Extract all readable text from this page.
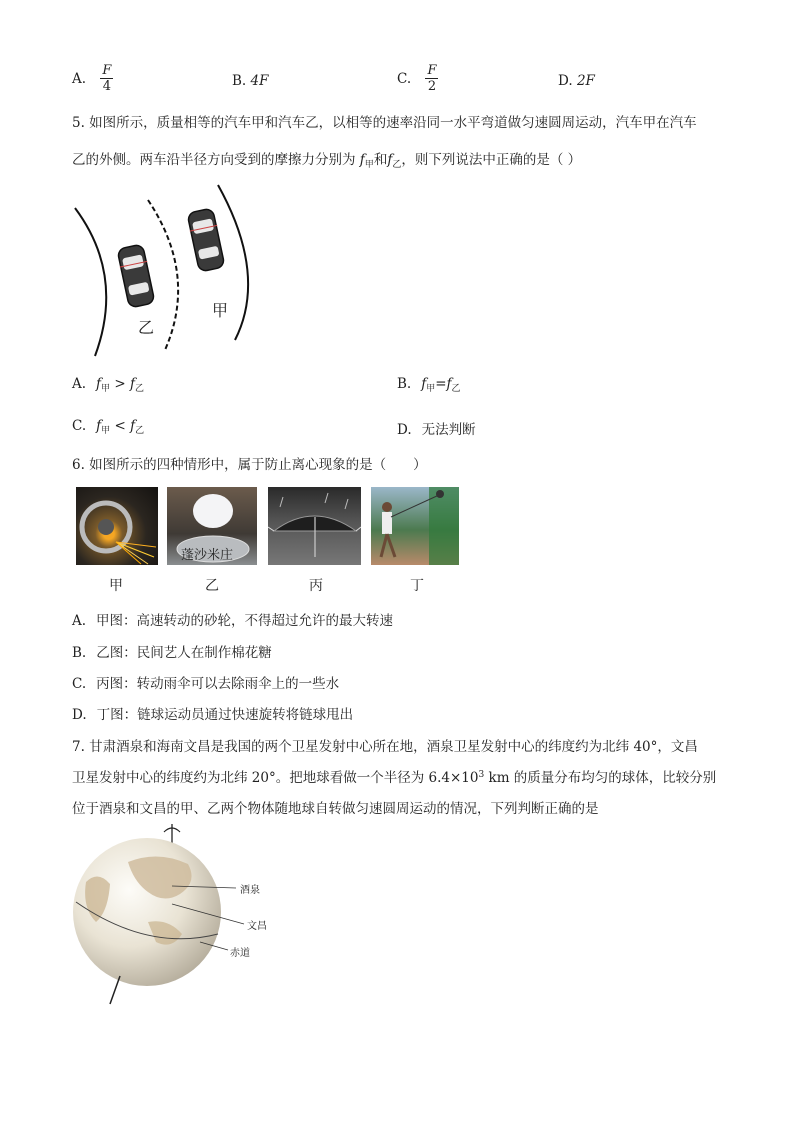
A. $\frac{F}{4}$	B. 4F	C. $\frac{F}{2}$	D. 2F
5. 如图所示，质量相等的汽车甲和汽车乙，以相等的速率沿同一水平弯道做匀速圆周运动，汽车甲在汽车
乙的外侧。两车沿半径方向受到的摩擦力分别为 $f_甲$和$f_乙$，则下列说法中正确的是（ ）
乙
甲
A. $f_甲 > f_乙$	B. $f_甲=f_乙$
C. $f_甲 < f_乙$	D. 无法判断
6. 如图所示的四种情形中，属于防止离心现象的是（　　）
蓬沙米庄
甲	乙	丙	丁
A. 甲图：高速转动的砂轮，不得超过允许的最大转速
B. 乙图：民间艺人在制作棉花糖
C. 丙图：转动雨伞可以去除雨伞上的一些水
D. 丁图：链球运动员通过快速旋转将链球甩出
7. 甘肃酒泉和海南文昌是我国的两个卫星发射中心所在地，酒泉卫星发射中心的纬度约为北纬 40°，文昌
卫星发射中心的纬度约为北纬 20°。把地球看做一个半径为 $6.4\times 10^3$ km 的质量分布均匀的球体，比较分别
位于酒泉和文昌的甲、乙两个物体随地球自转做匀速圆周运动的情况，下列判断正确的是
酒泉
文昌
赤道
